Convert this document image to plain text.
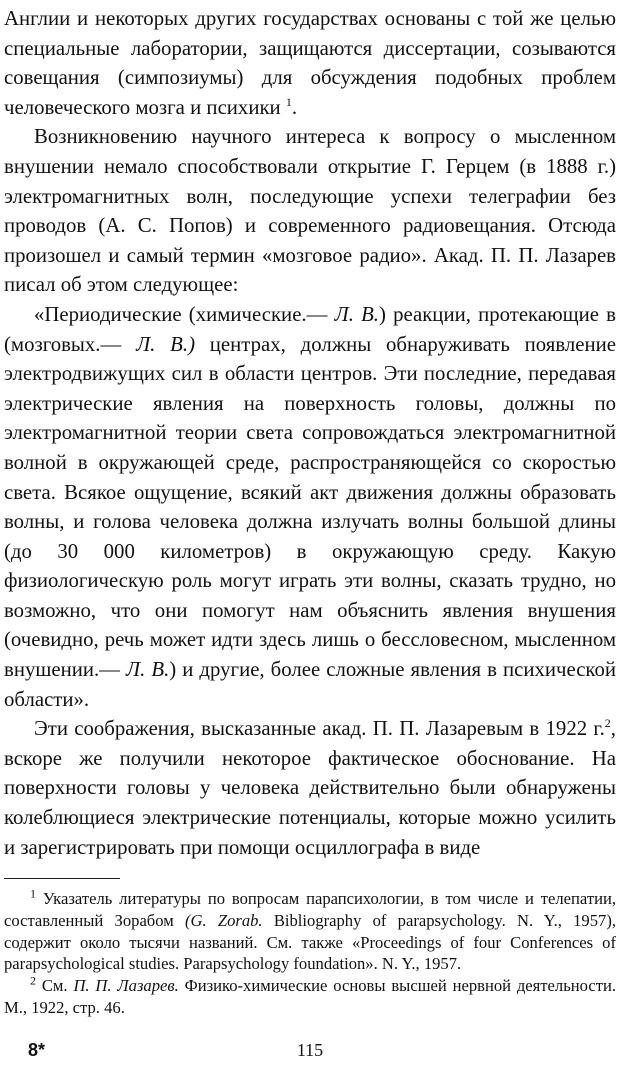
Англии и некоторых других государствах основаны с той же целью специальные лаборатории, защищаются диссертации, созываются совещания (симпозиумы) для обсуждения подобных проблем человеческого мозга и психики $^1$.

Возникновению научного интереса к вопросу о мысленном внушении немало способствовали открытие Г. Герцем (в 1888 г.) электромагнитных волн, последующие успехи телеграфии без проводов (А. С. Попов) и современного радиовещания. Отсюда произошел и самый термин «мозговое радио». Акад. П. П. Лазарев писал об этом следующее:

«Периодические (химические.— Л. В.) реакции, протекающие в (мозговых.— Л. В.) центрах, должны обнаруживать появление электродвижущих сил в области центров. Эти последние, передавая электрические явления на поверхность головы, должны по электромагнитной теории света сопровождаться электромагнитной волной в окружающей среде, распространяющейся со скоростью света. Всякое ощущение, всякий акт движения должны образовать волны, и голова человека должна излучать волны большой длины (до 30 000 километров) в окружающую среду. Какую физиологическую роль могут играть эти волны, сказать трудно, но возможно, что они помогут нам объяснить явления внушения (очевидно, речь может идти здесь лишь о бессловесном, мысленном внушении.— Л. В.) и другие, более сложные явления в психической области».

Эти соображения, высказанные акад. П. П. Лазаревым в 1922 г.$^2$, вскоре же получили некоторое фактическое обоснование. На поверхности головы у человека действительно были обнаружены колеблющиеся электрические потенциалы, которые можно усилить и зарегистрировать при помощи осциллографа в виде

$^1$ Указатель литературы по вопросам парапсихологии, в том числе и телепатии, составленный Зорабом (G. Zorab. Bibliography of parapsychology. N. Y., 1957), содержит около тысячи названий. См. также «Proceedings of four Conferences of parapsychological studies. Parapsychology foundation». N. Y., 1957.

$^2$ См. П. П. Лазарев. Физико-химические основы высшей нервной деятельности. М., 1922, стр. 46.

8*	115
